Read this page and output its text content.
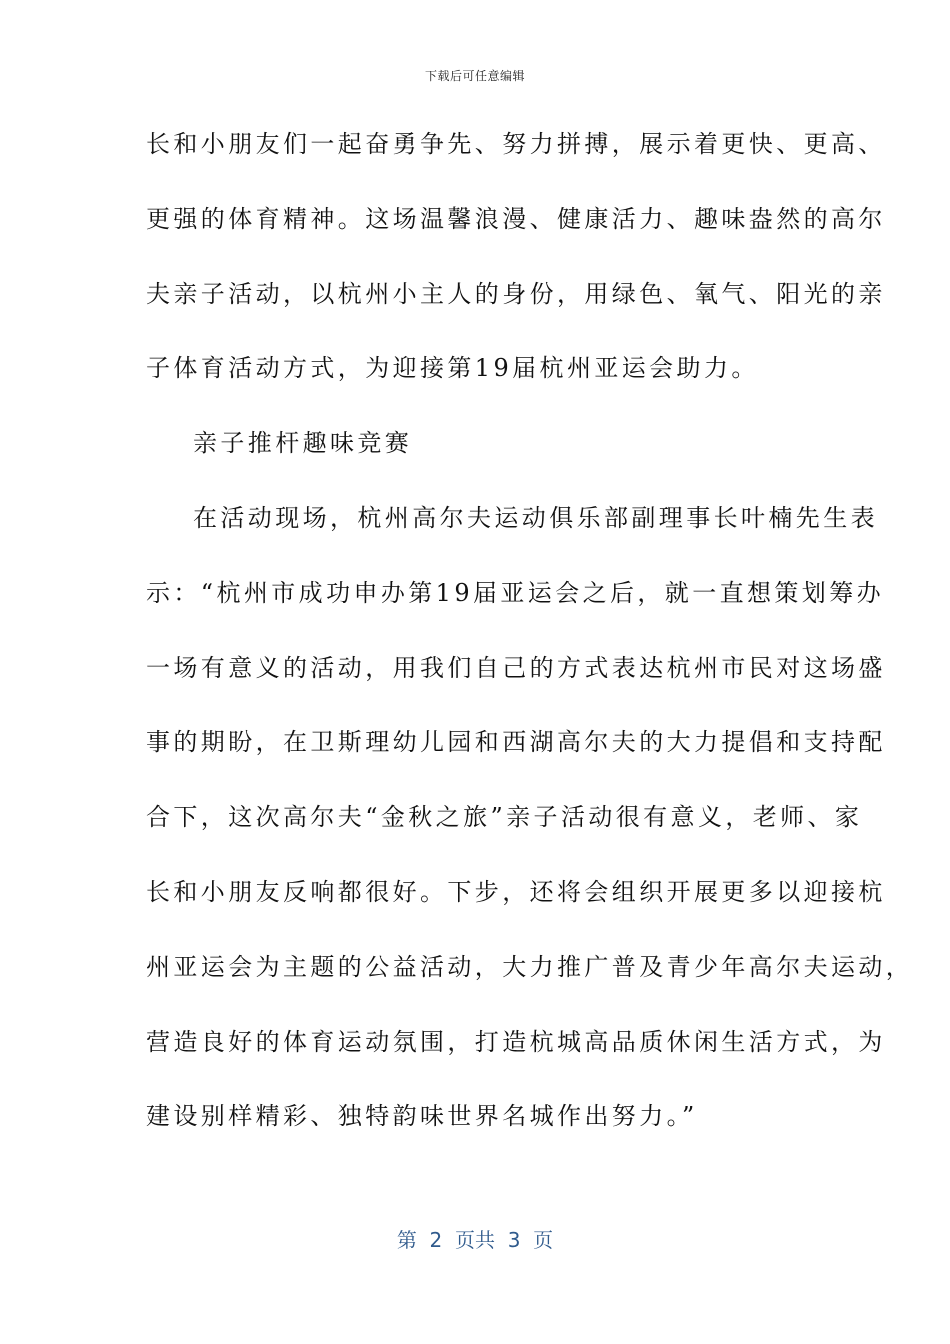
下载后可任意编辑
长和小朋友们一起奋勇争先、努力拼搏，展示着更快、更高、
更强的体育精神。这场温馨浪漫、健康活力、趣味盎然的高尔
夫亲子活动，以杭州小主人的身份，用绿色、氧气、阳光的亲
子体育活动方式，为迎接第19届杭州亚运会助力。
亲子推杆趣味竞赛
在活动现场，杭州高尔夫运动俱乐部副理事长叶楠先生表
示：“杭州市成功申办第19届亚运会之后，就一直想策划筹办
一场有意义的活动，用我们自己的方式表达杭州市民对这场盛
事的期盼，在卫斯理幼儿园和西湖高尔夫的大力提倡和支持配
合下，这次高尔夫“金秋之旅”亲子活动很有意义，老师、家
长和小朋友反响都很好。下步，还将会组织开展更多以迎接杭
州亚运会为主题的公益活动，大力推广普及青少年高尔夫运动，
营造良好的体育运动氛围，打造杭城高品质休闲生活方式，为
建设别样精彩、独特韵味世界名城作出努力。”
第  2  页共  3  页
